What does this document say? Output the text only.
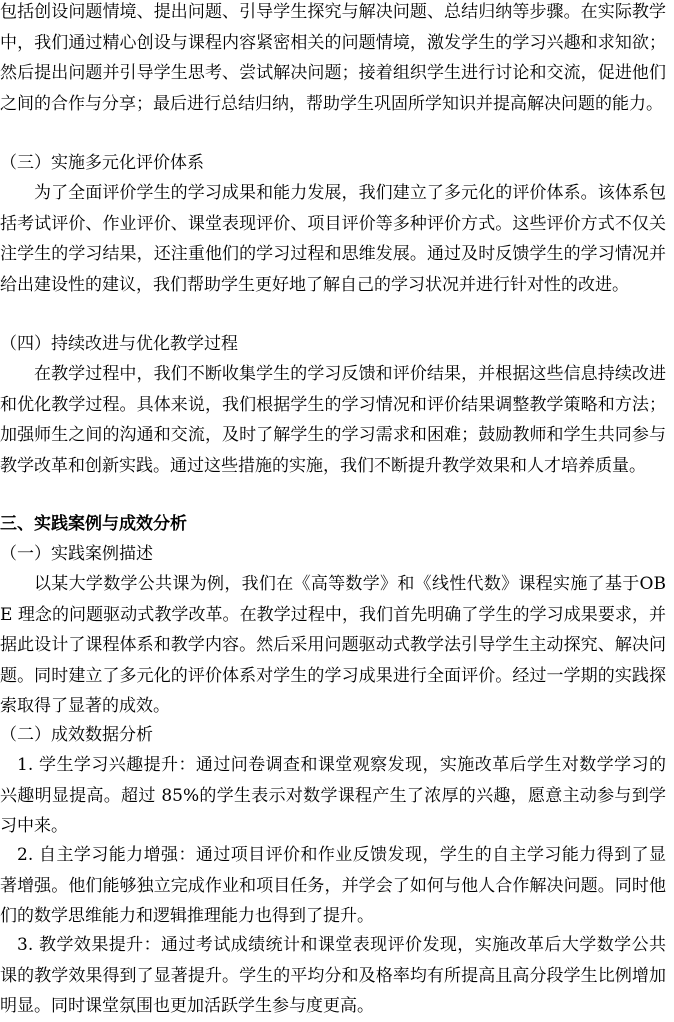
包括创设问题情境、提出问题、引导学生探究与解决问题、总结归纳等步骤。在实际教学中，我们通过精心创设与课程内容紧密相关的问题情境，激发学生的学习兴趣和求知欲；然后提出问题并引导学生思考、尝试解决问题；接着组织学生进行讨论和交流，促进他们之间的合作与分享；最后进行总结归纳，帮助学生巩固所学知识并提高解决问题的能力。

（三）实施多元化评价体系

为了全面评价学生的学习成果和能力发展，我们建立了多元化的评价体系。该体系包括考试评价、作业评价、课堂表现评价、项目评价等多种评价方式。这些评价方式不仅关注学生的学习结果，还注重他们的学习过程和思维发展。通过及时反馈学生的学习情况并给出建设性的建议，我们帮助学生更好地了解自己的学习状况并进行针对性的改进。

（四）持续改进与优化教学过程

在教学过程中，我们不断收集学生的学习反馈和评价结果，并根据这些信息持续改进和优化教学过程。具体来说，我们根据学生的学习情况和评价结果调整教学策略和方法；加强师生之间的沟通和交流，及时了解学生的学习需求和困难；鼓励教师和学生共同参与教学改革和创新实践。通过这些措施的实施，我们不断提升教学效果和人才培养质量。

三、实践案例与成效分析

（一）实践案例描述

以某大学数学公共课为例，我们在《高等数学》和《线性代数》课程实施了基于OBE 理念的问题驱动式教学改革。在教学过程中，我们首先明确了学生的学习成果要求，并据此设计了课程体系和教学内容。然后采用问题驱动式教学法引导学生主动探究、解决问题。同时建立了多元化的评价体系对学生的学习成果进行全面评价。经过一学期的实践探索取得了显著的成效。

（二）成效数据分析

1. 学生学习兴趣提升：通过问卷调查和课堂观察发现，实施改革后学生对数学学习的兴趣明显提高。超过 85%的学生表示对数学课程产生了浓厚的兴趣，愿意主动参与到学习中来。

2. 自主学习能力增强：通过项目评价和作业反馈发现，学生的自主学习能力得到了显著增强。他们能够独立完成作业和项目任务，并学会了如何与他人合作解决问题。同时他们的数学思维能力和逻辑推理能力也得到了提升。

3. 教学效果提升：通过考试成绩统计和课堂表现评价发现，实施改革后大学数学公共课的教学效果得到了显著提升。学生的平均分和及格率均有所提高且高分段学生比例增加明显。同时课堂氛围也更加活跃学生参与度更高。
